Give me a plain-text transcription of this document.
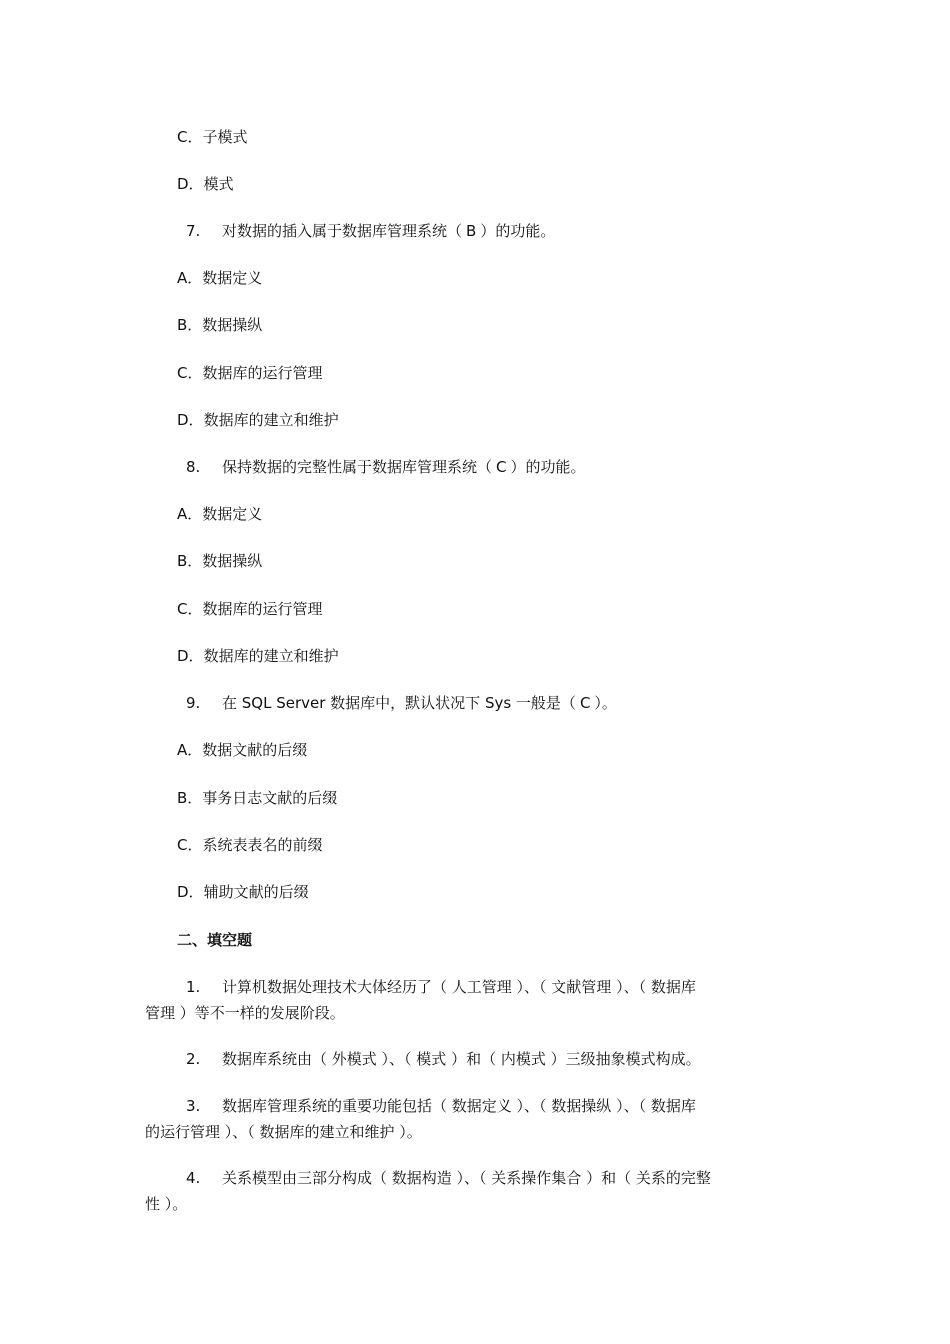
C．子模式
D．模式
7. 对数据的插入属于数据库管理系统（ B ）的功能。
A．数据定义
B．数据操纵
C．数据库的运行管理
D．数据库的建立和维护
8. 保持数据的完整性属于数据库管理系统（ C ）的功能。
A．数据定义
B．数据操纵
C．数据库的运行管理
D．数据库的建立和维护
9. 在 SQL Server 数据库中，默认状况下 Sys 一般是（ C ）。
A．数据文献的后缀
B．事务日志文献的后缀
C．系统表表名的前缀
D．辅助文献的后缀
二、填空题
1. 计算机数据处理技术大体经历了（ 人工管理 ）、（ 文献管理 ）、（ 数据库
管理 ）等不一样的发展阶段。
2. 数据库系统由（ 外模式 ）、（ 模式 ）和（ 内模式 ）三级抽象模式构成。
3. 数据库管理系统的重要功能包括（ 数据定义 ）、（ 数据操纵 ）、（ 数据库
的运行管理 ）、（ 数据库的建立和维护 ）。
4. 关系模型由三部分构成（ 数据构造 ）、（ 关系操作集合 ）和（ 关系的完整
性 ）。
